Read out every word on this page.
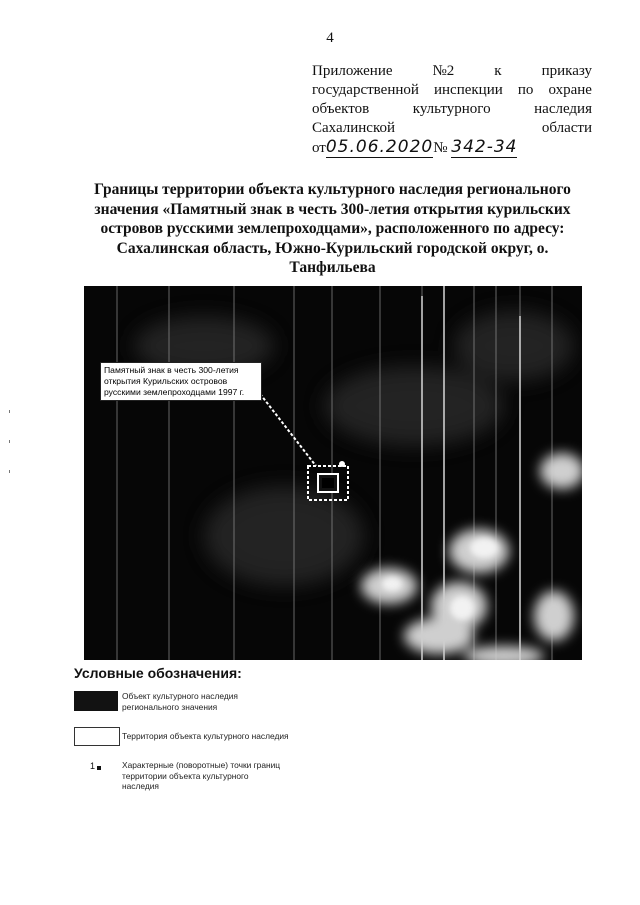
4
Приложение	№2	к	приказу
государственной инспекции по охране
объектов	культурного	наследия
Сахалинской	области
от05.06.2020№ 342-34
Границы территории объекта культурного наследия регионального
значения «Памятный знак в честь 300-летия открытия курильских
островов русскими землепроходцами», расположенного по адресу:
Сахалинская область, Южно-Курильский городской округ, о.
Танфильева
Памятный знак в честь 300-летия открытия Курильских островов русскими землепроходцами 1997 г.
Условные обозначения:
Объект культурного наследия регионального значения
Территория объекта культурного наследия
1	Характерные (поворотные) точки границ территории объекта культурного наследия
